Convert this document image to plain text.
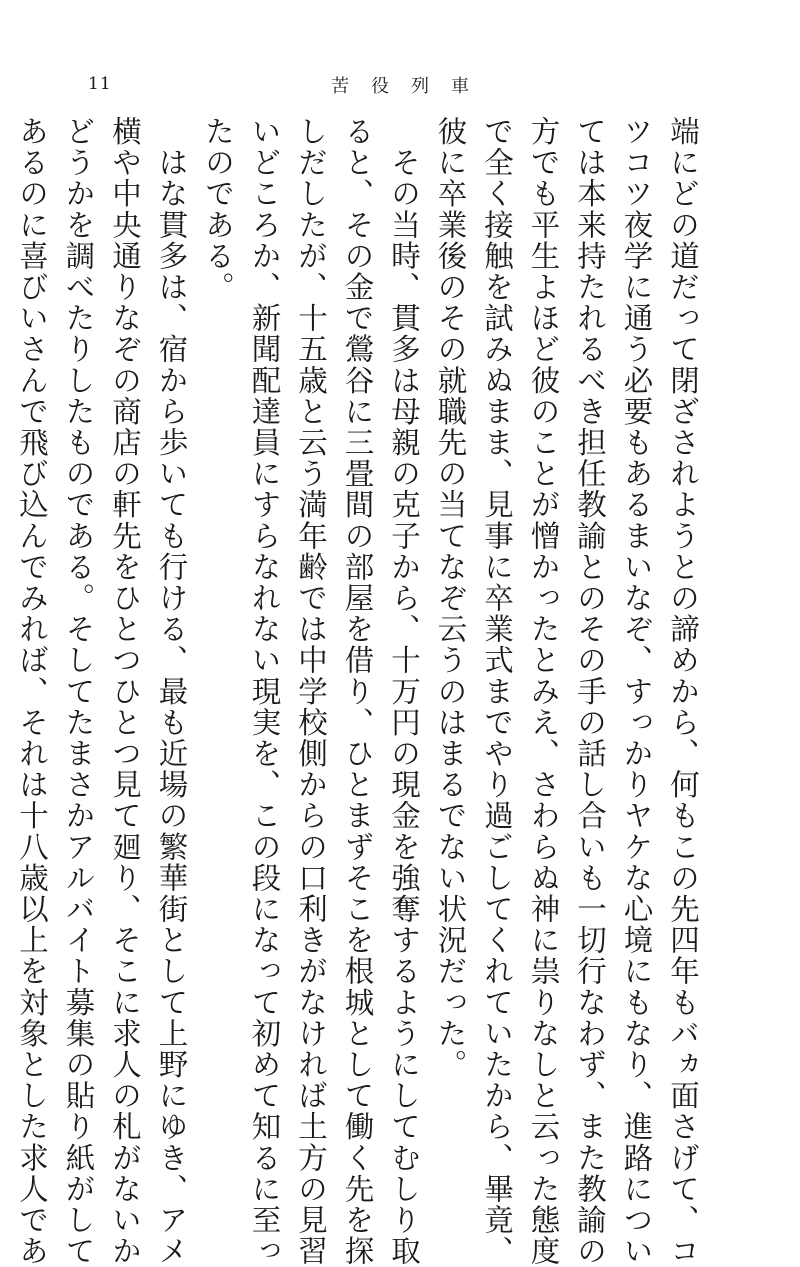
11	苦役列車
端にどの道だって閉ざされようとの諦めから、何もこの先四年もバヵ面さげて、コ
ツコツ夜学に通う必要もあるまいなぞ、すっかりヤケな心境にもなり、進路につい
ては本来持たれるべき担任教諭とのその手の話し合いも一切行なわず、また教諭の
方でも平生よほど彼のことが憎かったとみえ、さわらぬ神に祟りなしと云った態度
で全く接触を試みぬまま、見事に卒業式までやり過ごしてくれていたから、畢竟、
彼に卒業後のその就職先の当てなぞ云うのはまるでない状況だった。
　その当時、貫多は母親の克子から、十万円の現金を強奪するようにしてむしり取
ると、その金で鶯谷に三畳間の部屋を借り、ひとまずそこを根城として働く先を探
しだしたが、十五歳と云う満年齢では中学校側からの口利きがなければ土方の見習
いどころか、新聞配達員にすらなれない現実を、この段になって初めて知るに至っ
たのである。
　はな貫多は、宿から歩いても行ける、最も近場の繁華街として上野にゆき、アメ
横や中央通りなぞの商店の軒先をひとつひとつ見て廻り、そこに求人の札がないか
どうかを調べたりしたものである。そしてたまさかアルバイト募集の貼り紙がして
あるのに喜びいさんで飛び込んでみれば、それは十八歳以上を対象とした求人であ
